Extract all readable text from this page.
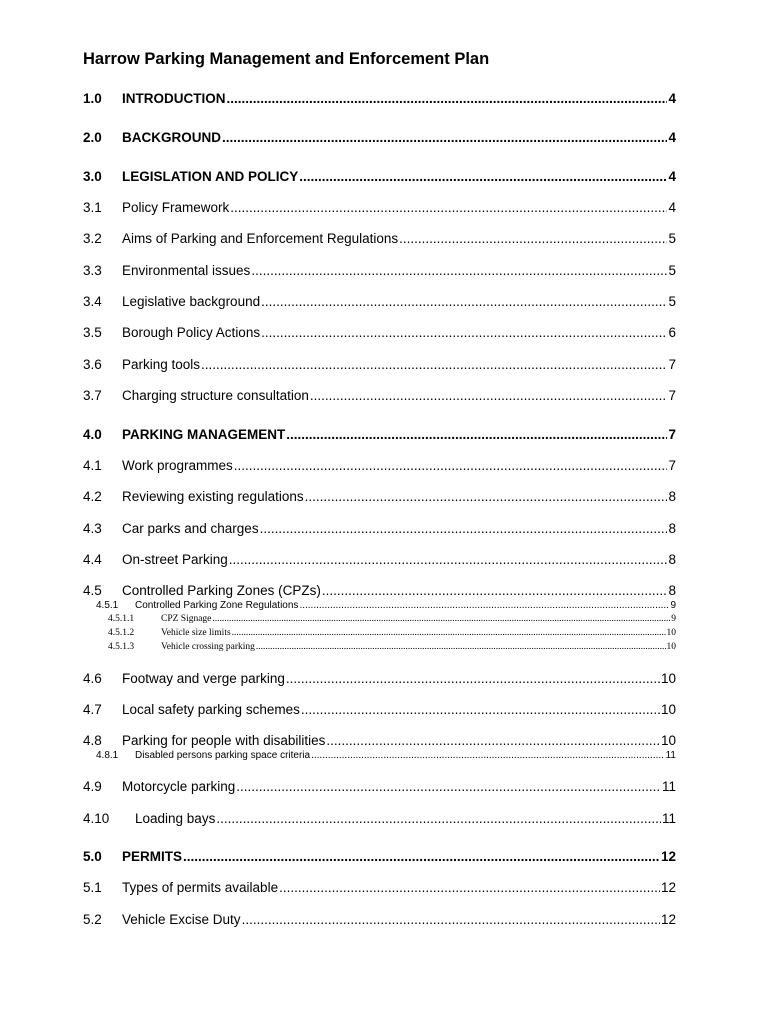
Harrow Parking Management and Enforcement Plan
1.0	INTRODUCTION .....	4
2.0	BACKGROUND .....	4
3.0	LEGISLATION AND POLICY .....	4
3.1	Policy Framework .....	4
3.2	Aims of Parking and Enforcement Regulations .....	5
3.3	Environmental issues .....	5
3.4	Legislative background .....	5
3.5	Borough Policy Actions .....	6
3.6	Parking tools .....	7
3.7	Charging structure consultation .....	7
4.0	PARKING MANAGEMENT .....	7
4.1	Work programmes .....	7
4.2	Reviewing existing regulations .....	8
4.3	Car parks and charges .....	8
4.4	On-street Parking .....	8
4.5	Controlled Parking Zones (CPZs) .....	8
4.5.1	Controlled Parking Zone Regulations .....	9
4.5.1.1	CPZ Signage .....	9
4.5.1.2	Vehicle size limits .....	10
4.5.1.3	Vehicle crossing parking .....	10
4.6	Footway and verge parking .....	10
4.7	Local safety parking schemes .....	10
4.8	Parking for people with disabilities .....	10
4.8.1	Disabled persons parking space criteria .....	11
4.9	Motorcycle parking .....	11
4.10	Loading bays .....	11
5.0	PERMITS .....	12
5.1	Types of permits available .....	12
5.2	Vehicle Excise Duty .....	12
